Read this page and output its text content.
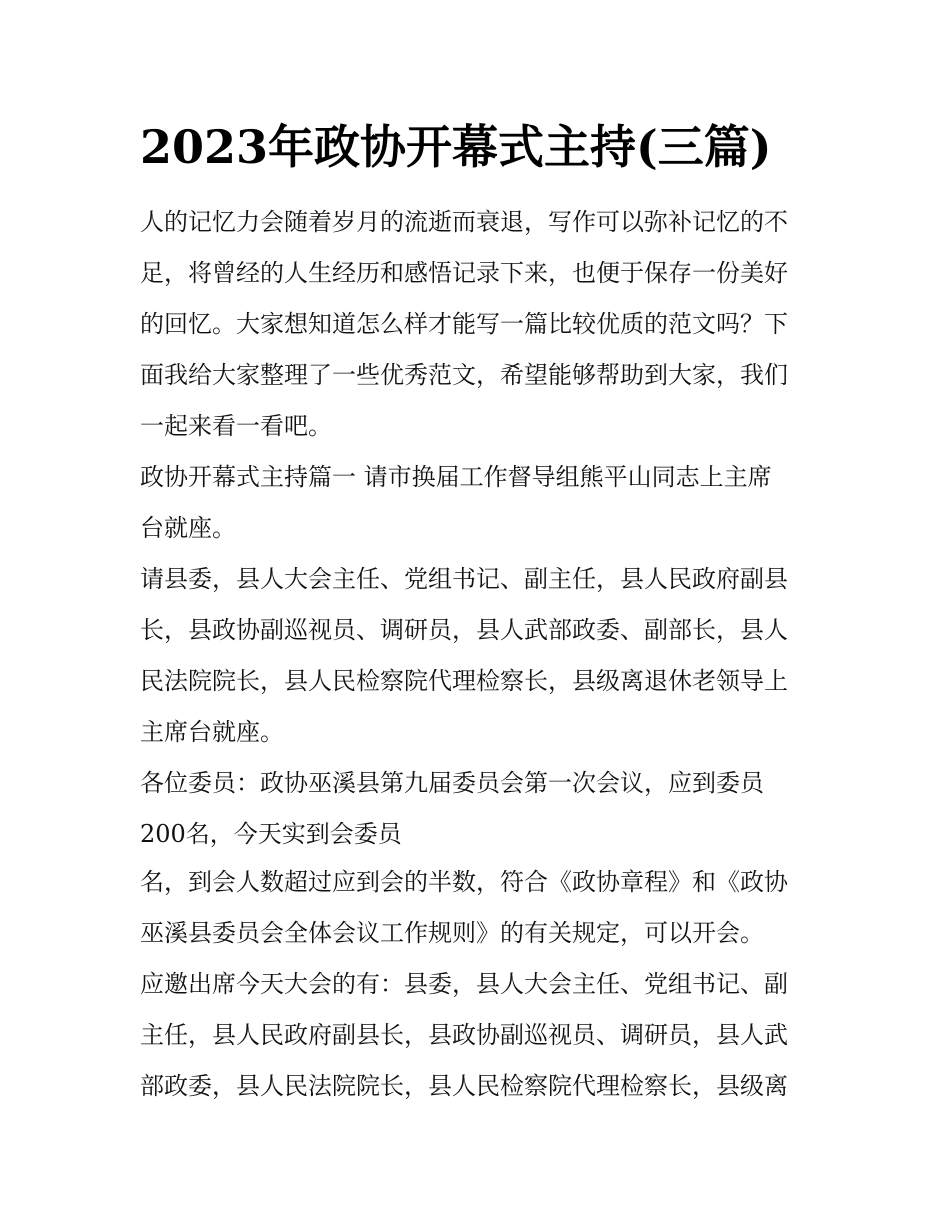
2023年政协开幕式主持(三篇)

人的记忆力会随着岁月的流逝而衰退，写作可以弥补记忆的不

足，将曾经的人生经历和感悟记录下来，也便于保存一份美好

的回忆。大家想知道怎么样才能写一篇比较优质的范文吗？下

面我给大家整理了一些优秀范文，希望能够帮助到大家，我们

一起来看一看吧。

政协开幕式主持篇一 请市换届工作督导组熊平山同志上主席

台就座。

请县委，县人大会主任、党组书记、副主任，县人民政府副县

长，县政协副巡视员、调研员，县人武部政委、副部长，县人

民法院院长，县人民检察院代理检察长，县级离退休老领导上

主席台就座。

各位委员：政协巫溪县第九届委员会第一次会议，应到委员

200名，今天实到会委员

名，到会人数超过应到会的半数，符合《政协章程》和《政协

巫溪县委员会全体会议工作规则》的有关规定，可以开会。

应邀出席今天大会的有：县委，县人大会主任、党组书记、副

主任，县人民政府副县长，县政协副巡视员、调研员，县人武

部政委，县人民法院院长，县人民检察院代理检察长，县级离
